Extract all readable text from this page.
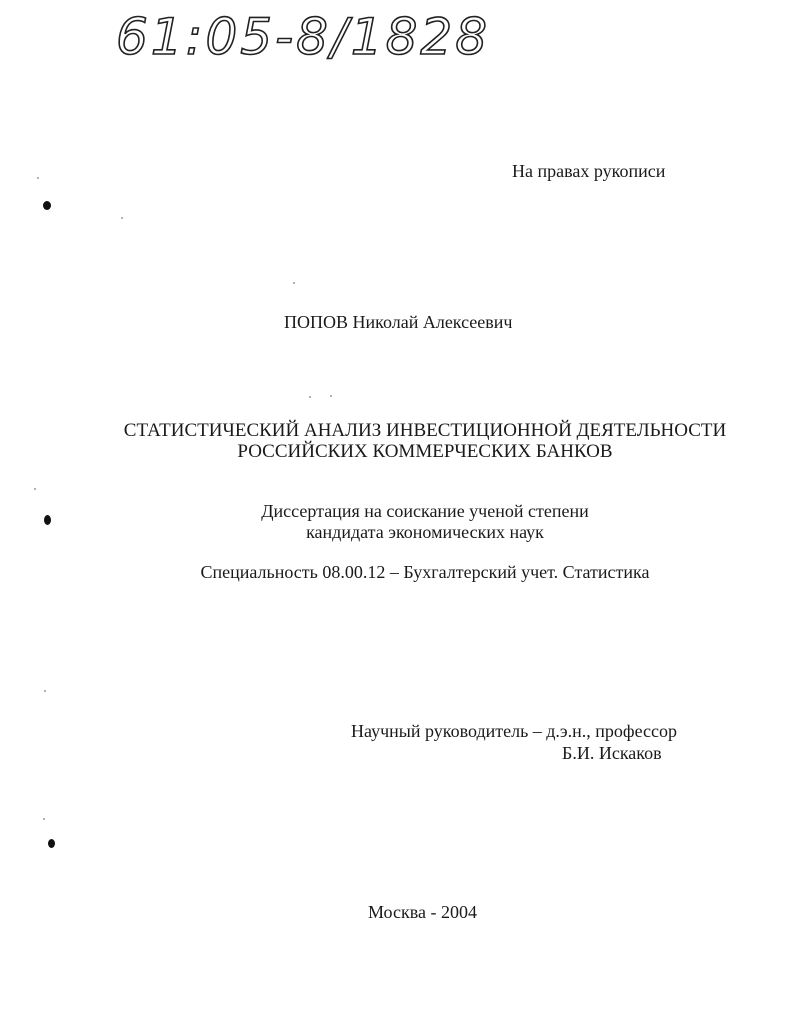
61:05-8/1828
На правах рукописи
ПОПОВ Николай Алексеевич
СТАТИСТИЧЕСКИЙ АНАЛИЗ ИНВЕСТИЦИОННОЙ ДЕЯТЕЛЬНОСТИ
РОССИЙСКИХ КОММЕРЧЕСКИХ БАНКОВ
Диссертация на соискание ученой степени
кандидата экономических наук
Специальность 08.00.12 – Бухгалтерский учет. Статистика
Научный руководитель – д.э.н., профессор
Б.И. Искаков
Москва - 2004
